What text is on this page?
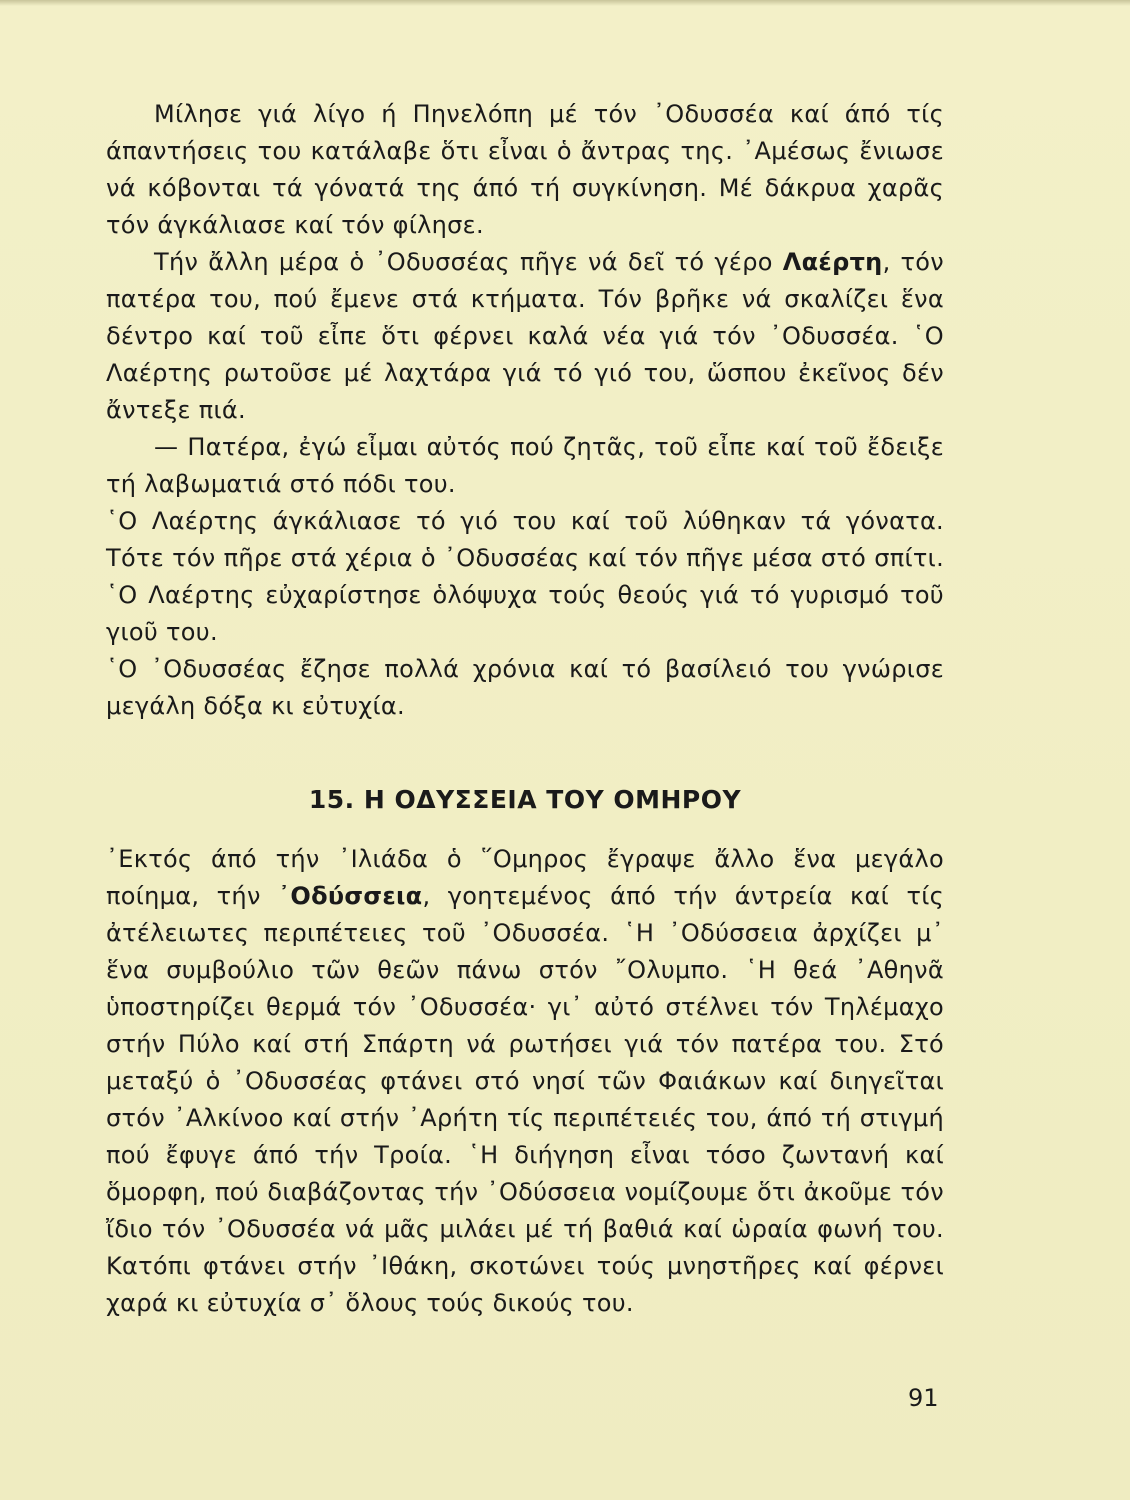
Μίλησε γιά λίγο ή Πηνελόπη μέ τόν ᾿Οδυσσέα καί άπό τίς άπαντήσεις του κατάλαβε ὅτι εἶναι ὁ ἄντρας της. ᾿Αμέσως ἔνιωσε νά κόβονται τά γόνατά της άπό τή συγκίνηση. Μέ δάκρυα χαρᾶς τόν άγκάλιασε καί τόν φίλησε.

Τήν ἄλλη μέρα ὁ ᾿Οδυσσέας πῆγε νά δεῖ τό γέρο Λαέρτη, τόν πατέρα του, πού ἔμενε στά κτήματα. Τόν βρῆκε νά σκαλίζει ἕνα δέντρο καί τοῦ εἶπε ὅτι φέρνει καλά νέα γιά τόν ᾿Οδυσσέα. ῾Ο Λαέρτης ρωτοῦσε μέ λαχτάρα γιά τό γιό του, ὥσπου ἐκεῖνος δέν ἄντεξε πιά.

— Πατέρα, ἐγώ εἶμαι αὐτός πού ζητᾶς, τοῦ εἶπε καί τοῦ ἔδειξε τή λαβωματιά στό πόδι του.

῾Ο Λαέρτης άγκάλιασε τό γιό του καί τοῦ λύθηκαν τά γόνατα. Τότε τόν πῆρε στά χέρια ὁ ᾿Οδυσσέας καί τόν πῆγε μέσα στό σπίτι. ῾Ο Λαέρτης εὐχαρίστησε ὁλόψυχα τούς θεούς γιά τό γυρισμό τοῦ γιοῦ του.

῾Ο ᾿Οδυσσέας ἔζησε πολλά χρόνια καί τό βασίλειό του γνώρισε μεγάλη δόξα κι εὐτυχία.

15. Η ΟΔΥΣΣΕΙΑ ΤΟΥ ΟΜΗΡΟΥ

᾿Εκτός άπό τήν ᾿Ιλιάδα ὁ ῞Ομηρος ἔγραψε ἄλλο ἕνα μεγάλο ποίημα, τήν ᾿Οδύσσεια, γοητεμένος άπό τήν άντρεία καί τίς ἀτέλειωτες περιπέτειες τοῦ ᾿Οδυσσέα. ῾Η ᾿Οδύσσεια ἀρχίζει μ᾿ ἕνα συμβούλιο τῶν θεῶν πάνω στόν ῎Ολυμπο. ῾Η θεά ᾿Αθηνᾶ ὑποστηρίζει θερμά τόν ᾿Οδυσσέα· γι᾿ αὐτό στέλνει τόν Τηλέμαχο στήν Πύλο καί στή Σπάρτη νά ρωτήσει γιά τόν πατέρα του. Στό μεταξύ ὁ ᾿Οδυσσέας φτάνει στό νησί τῶν Φαιάκων καί διηγεῖται στόν ᾿Αλκίνοο καί στήν ᾿Αρήτη τίς περιπέτειές του, άπό τή στιγμή πού ἔφυγε άπό τήν Τροία. ῾Η διήγηση εἶναι τόσο ζωντανή καί ὅμορφη, πού διαβάζοντας τήν ᾿Οδύσσεια νομίζουμε ὅτι ἀκοῦμε τόν ἴδιο τόν ᾿Οδυσσέα νά μᾶς μιλάει μέ τή βαθιά καί ὡραία φωνή του. Κατόπι φτάνει στήν ᾿Ιθάκη, σκοτώνει τούς μνηστῆρες καί φέρνει χαρά κι εὐτυχία σ᾿ ὅλους τούς δικούς του.

91
